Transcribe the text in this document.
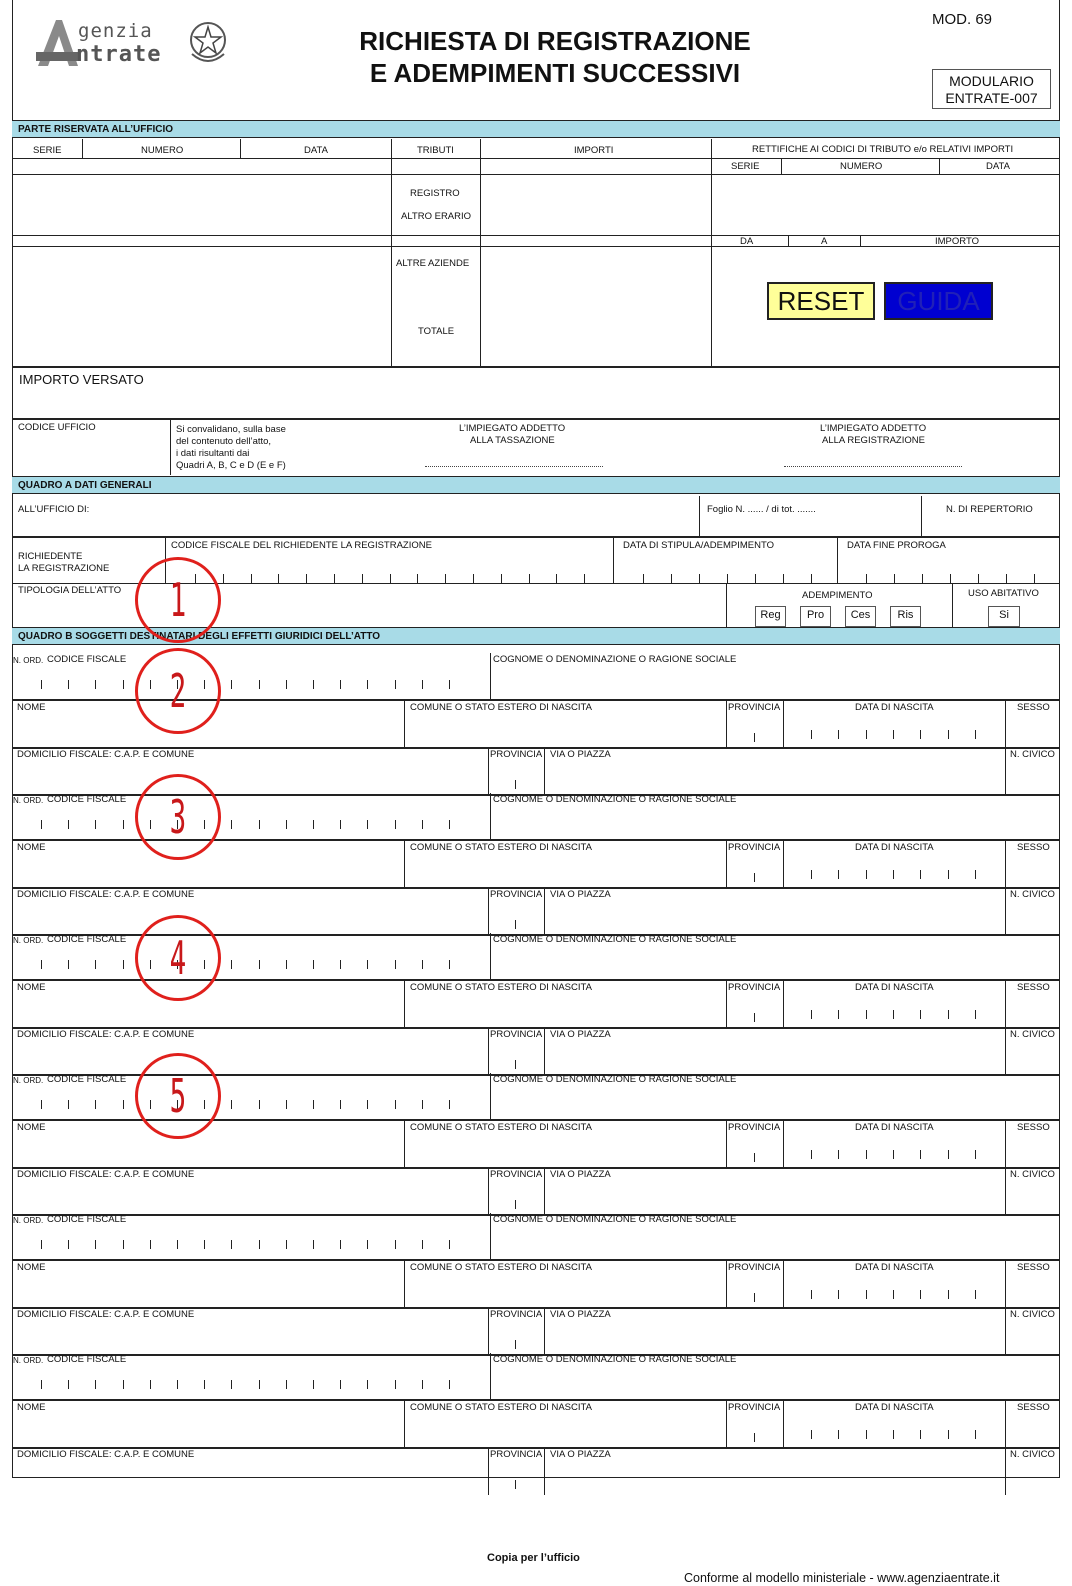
genzia
ntrate	RICHIESTA DI REGISTRAZIONE
E ADEMPIMENTI SUCCESSIVI
MOD. 69
MODULARIO
ENTRATE-007
PARTE RISERVATA ALL’UFFICIO
SERIE	NUMERO	DATA	TRIBUTI	IMPORTI	RETTIFICHE AI CODICI DI TRIBUTO e/o RELATIVI IMPORTI
SERIE	NUMERO	DATA
REGISTRO
ALTRO ERARIO
DA	A	IMPORTO
ALTRE AZIENDE
TOTALE
RESET	GUIDA
IMPORTO VERSATO
CODICE UFFICIO	Si convalidano, sulla base
del contenuto dell’atto,
i dati risultanti dai
Quadri A, B, C e D (E e F)
L’IMPIEGATO ADDETTO
ALLA TASSAZIONE
L’IMPIEGATO ADDETTO
ALLA REGISTRAZIONE
QUADRO A DATI GENERALI
ALL’UFFICIO DI:	Foglio N. ...... / di tot. .......	N. DI REPERTORIO
RICHIEDENTE
LA REGISTRAZIONE
CODICE FISCALE DEL RICHIEDENTE LA REGISTRAZIONE	DATA DI STIPULA/ADEMPIMENTO	DATA FINE PROROGA
TIPOLOGIA DELL’ATTO	ADEMPIMENTO
Reg	Pro	Ces	Ris
USO ABITATIVO
Si
QUADRO B SOGGETTI DESTINATARI DEGLI EFFETTI GIURIDICI DELL’ATTO
N. ORD. CODICE FISCALE	COGNOME O DENOMINAZIONE O RAGIONE SOCIALE
NOME	COMUNE O STATO ESTERO DI NASCITA	PROVINCIA	DATA DI NASCITA	SESSO
DOMICILIO FISCALE: C.A.P. E COMUNE	PROVINCIA VIA O PIAZZA	N. CIVICO
N. ORD. CODICE FISCALE	COGNOME O DENOMINAZIONE O RAGIONE SOCIALE
NOME	COMUNE O STATO ESTERO DI NASCITA	PROVINCIA	DATA DI NASCITA	SESSO
DOMICILIO FISCALE: C.A.P. E COMUNE	PROVINCIA VIA O PIAZZA	N. CIVICO
N. ORD. CODICE FISCALE	COGNOME O DENOMINAZIONE O RAGIONE SOCIALE
NOME	COMUNE O STATO ESTERO DI NASCITA	PROVINCIA	DATA DI NASCITA	SESSO
DOMICILIO FISCALE: C.A.P. E COMUNE	PROVINCIA VIA O PIAZZA	N. CIVICO
N. ORD. CODICE FISCALE	COGNOME O DENOMINAZIONE O RAGIONE SOCIALE
NOME	COMUNE O STATO ESTERO DI NASCITA	PROVINCIA	DATA DI NASCITA	SESSO
DOMICILIO FISCALE: C.A.P. E COMUNE	PROVINCIA VIA O PIAZZA	N. CIVICO
N. ORD. CODICE FISCALE	COGNOME O DENOMINAZIONE O RAGIONE SOCIALE
NOME	COMUNE O STATO ESTERO DI NASCITA	PROVINCIA	DATA DI NASCITA	SESSO
DOMICILIO FISCALE: C.A.P. E COMUNE	PROVINCIA VIA O PIAZZA	N. CIVICO
N. ORD. CODICE FISCALE	COGNOME O DENOMINAZIONE O RAGIONE SOCIALE
NOME	COMUNE O STATO ESTERO DI NASCITA	PROVINCIA	DATA DI NASCITA	SESSO
DOMICILIO FISCALE: C.A.P. E COMUNE	PROVINCIA VIA O PIAZZA	N. CIVICO
1
2
3
4
5
Copia per l’ufficio
Conforme al modello ministeriale - www.agenziaentrate.it
